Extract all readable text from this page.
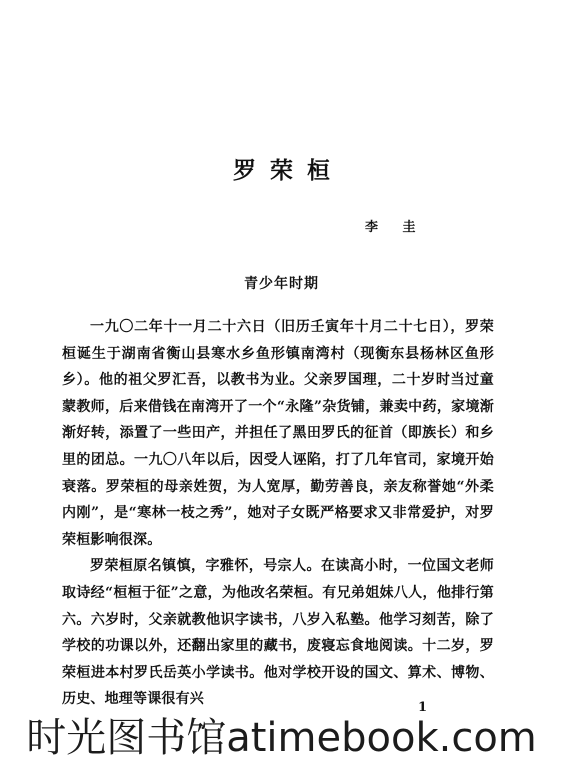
罗荣桓
李 圭
青少年时期

一九〇二年十一月二十六日（旧历壬寅年十月二十七日），罗荣桓诞生于湖南省衡山县寒水乡鱼形镇南湾村（现衡东县杨林区鱼形乡）。他的祖父罗汇吾，以教书为业。父亲罗国理，二十岁时当过童蒙教师，后来借钱在南湾开了一个“永隆”杂货铺，兼卖中药，家境渐渐好转，添置了一些田产，并担任了黑田罗氏的征首（即族长）和乡里的团总。一九〇八年以后，因受人诬陷，打了几年官司，家境开始衰落。罗荣桓的母亲姓贺，为人宽厚，勤劳善良，亲友称誉她“外柔内刚”，是“寒林一枝之秀”，她对子女既严格要求又非常爱护，对罗荣桓影响很深。

罗荣桓原名镇慎，字雅怀，号宗人。在读高小时，一位国文老师取诗经“桓桓于征”之意，为他改名荣桓。有兄弟姐妹八人，他排行第六。六岁时，父亲就教他识字读书，八岁入私塾。他学习刻苦，除了学校的功课以外，还翻出家里的藏书，废寝忘食地阅读。十二岁，罗荣桓进本村罗氏岳英小学读书。他对学校开设的国文、算术、博物、历史、地理等课很有兴

1
时光图书馆atimebook.com
